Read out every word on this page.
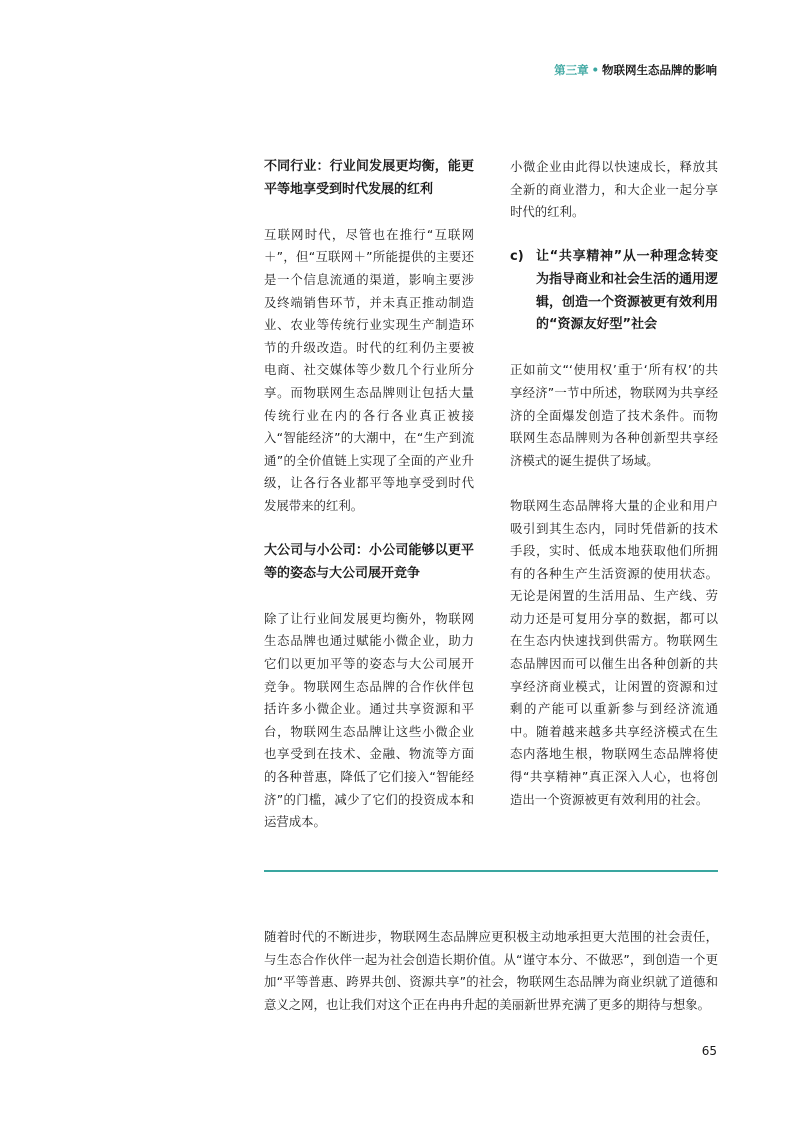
第三章 • 物联网生态品牌的影响

不同行业：行业间发展更均衡，能更平等地享受到时代发展的红利

互联网时代，尽管也在推行“互联网＋”，但“互联网＋”所能提供的主要还是一个信息流通的渠道，影响主要涉及终端销售环节，并未真正推动制造业、农业等传统行业实现生产制造环节的升级改造。时代的红利仍主要被电商、社交媒体等少数几个行业所分享。而物联网生态品牌则让包括大量传统行业在内的各行各业真正被接入“智能经济”的大潮中，在“生产到流通”的全价值链上实现了全面的产业升级，让各行各业都平等地享受到时代发展带来的红利。

大公司与小公司：小公司能够以更平等的姿态与大公司展开竞争

除了让行业间发展更均衡外，物联网生态品牌也通过赋能小微企业，助力它们以更加平等的姿态与大公司展开竞争。物联网生态品牌的合作伙伴包括许多小微企业。通过共享资源和平台，物联网生态品牌让这些小微企业也享受到在技术、金融、物流等方面的各种普惠，降低了它们接入“智能经济”的门槛，减少了它们的投资成本和运营成本。

小微企业由此得以快速成长，释放其全新的商业潜力，和大企业一起分享时代的红利。

c) 让“共享精神”从一种理念转变为指导商业和社会生活的通用逻辑，创造一个资源被更有效利用的“资源友好型”社会

正如前文“‘使用权’重于‘所有权’的共享经济”一节中所述，物联网为共享经济的全面爆发创造了技术条件。而物联网生态品牌则为各种创新型共享经济模式的诞生提供了场域。

物联网生态品牌将大量的企业和用户吸引到其生态内，同时凭借新的技术手段，实时、低成本地获取他们所拥有的各种生产生活资源的使用状态。无论是闲置的生活用品、生产线、劳动力还是可复用分享的数据，都可以在生态内快速找到供需方。物联网生态品牌因而可以催生出各种创新的共享经济商业模式，让闲置的资源和过剩的产能可以重新参与到经济流通中。随着越来越多共享经济模式在生态内落地生根，物联网生态品牌将使得“共享精神”真正深入人心，也将创造出一个资源被更有效利用的社会。

随着时代的不断进步，物联网生态品牌应更积极主动地承担更大范围的社会责任，与生态合作伙伴一起为社会创造长期价值。从“谨守本分、不做恶”，到创造一个更加“平等普惠、跨界共创、资源共享”的社会，物联网生态品牌为商业织就了道德和意义之网，也让我们对这个正在冉冉升起的美丽新世界充满了更多的期待与想象。

65
